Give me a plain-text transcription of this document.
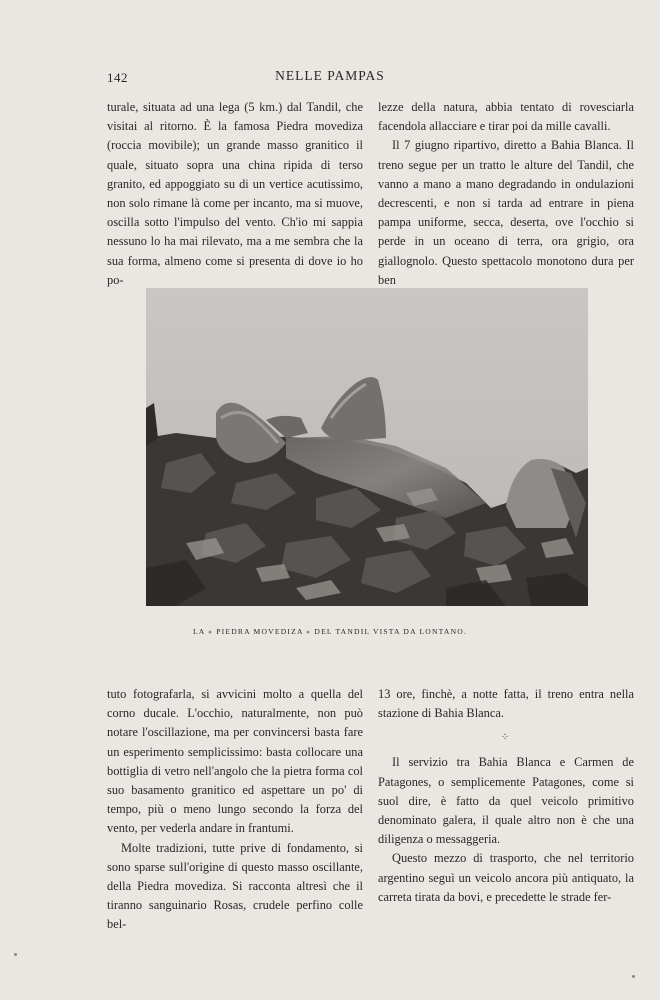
142	NELLE PAMPAS

turale, situata ad una lega (5 km.) dal Tandil, che visitai al ritorno. È la famosa Piedra movediza (roccia movibile); un grande masso granitico il quale, situato sopra una china ripida di terso granito, ed appoggiato su di un vertice acutissimo, non solo rimane là come per incanto, ma si muove, oscilla sotto l'impulso del vento. Ch'io mi sappia nessuno lo ha mai rilevato, ma a me sembra che la sua forma, almeno come si presenta di dove io ho po-

lezze della natura, abbia tentato di rovesciarla facendola allacciare e tirar poi da mille cavalli.

Il 7 giugno ripartivo, diretto a Bahia Blanca. Il treno segue per un tratto le alture del Tandil, che vanno a mano a mano degradando in ondulazioni decrescenti, e non si tarda ad entrare in piena pampa uniforme, secca, deserta, ove l'occhio si perde in un oceano di terra, ora grigio, ora giallognolo. Questo spettacolo monotono dura per ben

LA « PIEDRA MOVEDIZA » DEL TANDIL VISTA DA LONTANO.

tuto fotografarla, si avvicini molto a quella del corno ducale. L'occhio, naturalmente, non può notare l'oscillazione, ma per convincersi basta fare un esperimento semplicissimo: basta collocare una bottiglia di vetro nell'angolo che la pietra forma col suo basamento granitico ed aspettare un po' di tempo, più o meno lungo secondo la forza del vento, per vederla andare in frantumi.

Molte tradizioni, tutte prive di fondamento, si sono sparse sull'origine di questo masso oscillante, della Piedra movediza. Si racconta altresì che il tiranno sanguinario Rosas, crudele perfino colle bel-

13 ore, finchè, a notte fatta, il treno entra nella stazione di Bahia Blanca.

⁘

Il servizio tra Bahia Blanca e Carmen de Patagones, o semplicemente Patagones, come si suol dire, è fatto da quel veicolo primitivo denominato galera, il quale altro non è che una diligenza o messaggeria.

Questo mezzo di trasporto, che nel territorio argentino seguì un veicolo ancora più antiquato, la carreta tirata da bovi, e precedette le strade fer-
